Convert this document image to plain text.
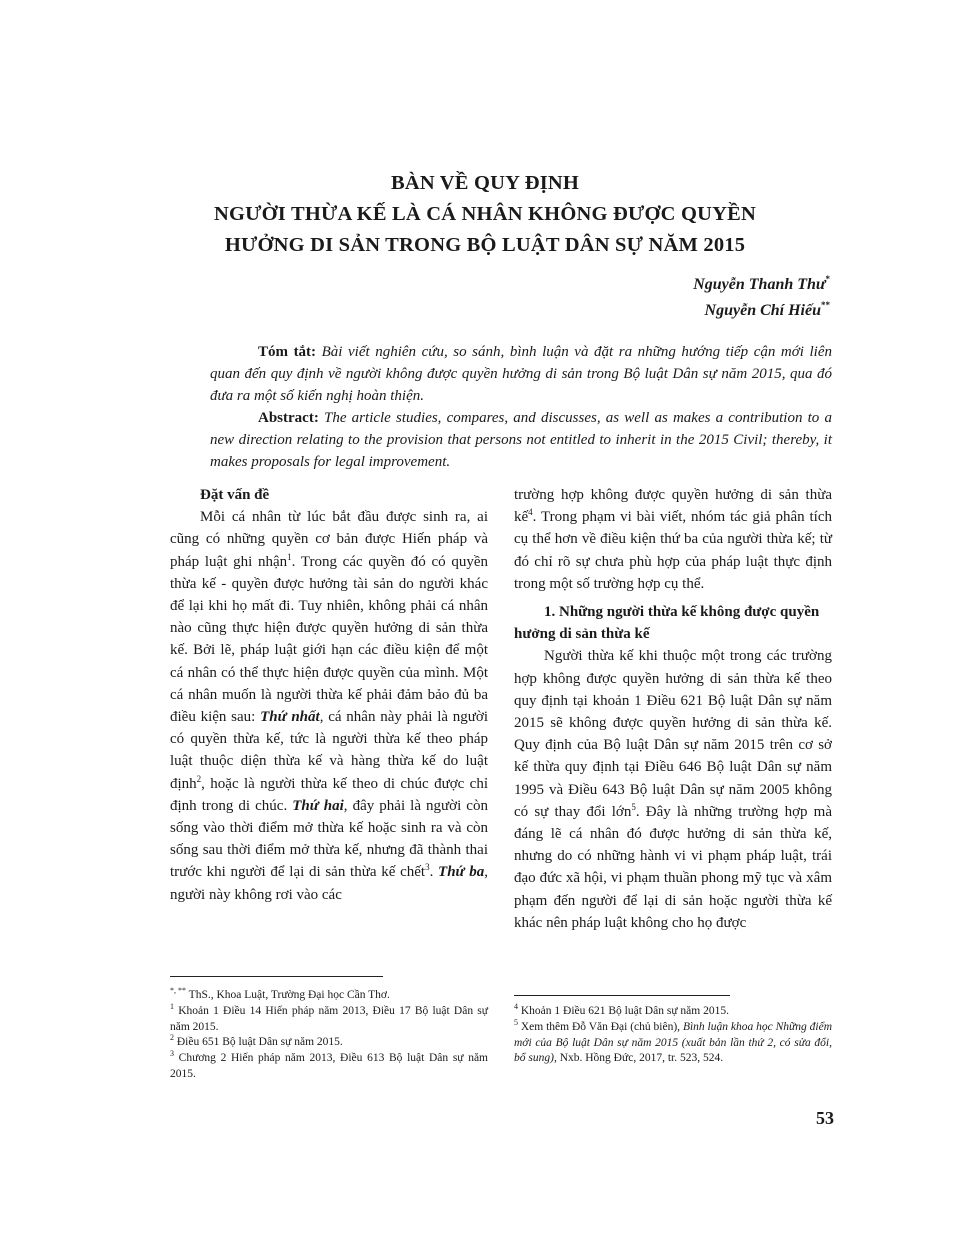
BÀN VỀ QUY ĐỊNH
NGƯỜI THỪA KẾ LÀ CÁ NHÂN KHÔNG ĐƯỢC QUYỀN
HƯỞNG DI SẢN TRONG BỘ LUẬT DÂN SỰ NĂM 2015
Nguyễn Thanh Thư*
Nguyễn Chí Hiếu**
Tóm tắt: Bài viết nghiên cứu, so sánh, bình luận và đặt ra những hướng tiếp cận mới liên quan đến quy định về người không được quyền hưởng di sản trong Bộ luật Dân sự năm 2015, qua đó đưa ra một số kiến nghị hoàn thiện.
Abstract: The article studies, compares, and discusses, as well as makes a contribution to a new direction relating to the provision that persons not entitled to inherit in the 2015 Civil; thereby, it makes proposals for legal improvement.
Đặt vấn đề

Mỗi cá nhân từ lúc bắt đầu được sinh ra, ai cũng có những quyền cơ bản được Hiến pháp và pháp luật ghi nhận$^1$. Trong các quyền đó có quyền thừa kế - quyền được hưởng tài sản do người khác để lại khi họ mất đi. Tuy nhiên, không phải cá nhân nào cũng thực hiện được quyền hưởng di sản thừa kế. Bởi lẽ, pháp luật giới hạn các điều kiện để một cá nhân có thể thực hiện được quyền của mình. Một cá nhân muốn là người thừa kế phải đảm bảo đủ ba điều kiện sau: Thứ nhất, cá nhân này phải là người có quyền thừa kế, tức là người thừa kế theo pháp luật thuộc diện thừa kế và hàng thừa kế do luật định$^2$, hoặc là người thừa kế theo di chúc được chỉ định trong di chúc. Thứ hai, đây phải là người còn sống vào thời điểm mở thừa kế hoặc sinh ra và còn sống sau thời điểm mở thừa kế, nhưng đã thành thai trước khi người để lại di sản thừa kế chết$^3$. Thứ ba, người này không rơi vào các

trường hợp không được quyền hưởng di sản thừa kế$^4$. Trong phạm vi bài viết, nhóm tác giả phân tích cụ thể hơn về điều kiện thứ ba của người thừa kế; từ đó chỉ rõ sự chưa phù hợp của pháp luật thực định trong một số trường hợp cụ thể.

1. Những người thừa kế không được quyền hưởng di sản thừa kế

Người thừa kế khi thuộc một trong các trường hợp không được quyền hưởng di sản thừa kế theo quy định tại khoản 1 Điều 621 Bộ luật Dân sự năm 2015 sẽ không được quyền hưởng di sản thừa kế. Quy định của Bộ luật Dân sự năm 2015 trên cơ sở kế thừa quy định tại Điều 646 Bộ luật Dân sự năm 1995 và Điều 643 Bộ luật Dân sự năm 2005 không có sự thay đổi lớn$^5$. Đây là những trường hợp mà đáng lẽ cá nhân đó được hưởng di sản thừa kế, nhưng do có những hành vi vi phạm pháp luật, trái đạo đức xã hội, vi phạm thuần phong mỹ tục và xâm phạm đến người để lại di sản hoặc người thừa kế khác nên pháp luật không cho họ được

*, ** ThS., Khoa Luật, Trường Đại học Cần Thơ.

$^1$ Khoản 1 Điều 14 Hiến pháp năm 2013, Điều 17 Bộ luật Dân sự năm 2015.

$^2$ Điều 651 Bộ luật Dân sự năm 2015.

$^3$ Chương 2 Hiến pháp năm 2013, Điều 613 Bộ luật Dân sự năm 2015.

$^4$ Khoản 1 Điều 621 Bộ luật Dân sự năm 2015.

$^5$ Xem thêm Đỗ Văn Đại (chủ biên), Bình luận khoa học Những điểm mới của Bộ luật Dân sự năm 2015 (xuất bản lần thứ 2, có sửa đổi, bổ sung), Nxb. Hồng Đức, 2017, tr. 523, 524.

53
